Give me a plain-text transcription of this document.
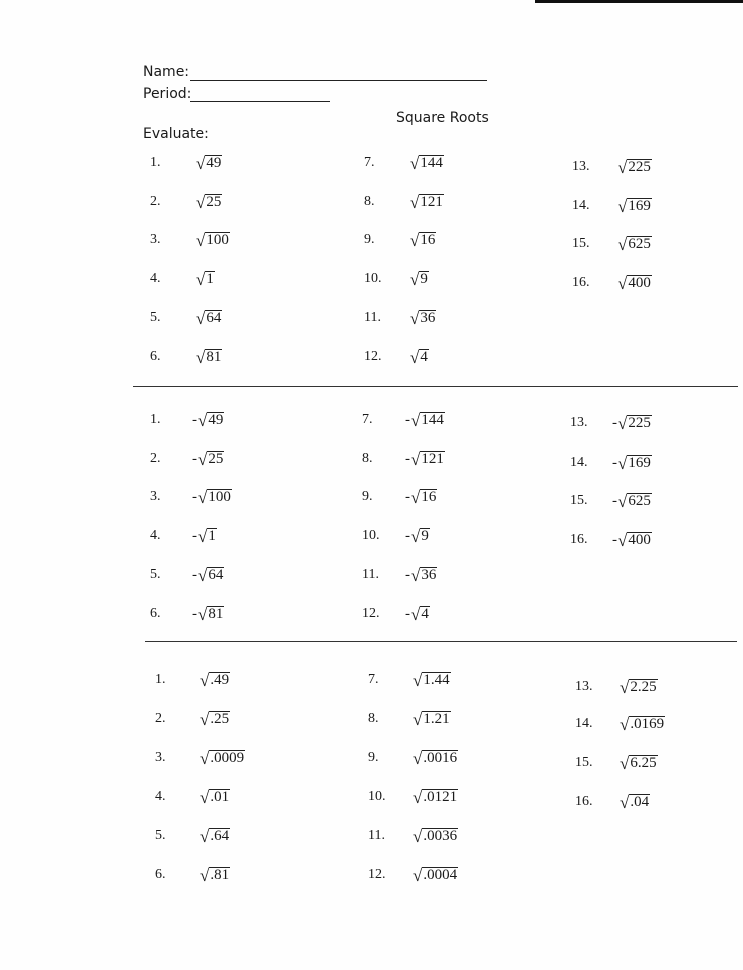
Name:
Period:
Square Roots
Evaluate:
1. √ 49
2. √ 25
3. √ 100
4. √ 1
5. √ 64
6. √ 81
7. √ 144
8. √ 121
9. √ 16
10. √ 9
11. √ 36
12. √ 4
13. √ 225
14. √ 169
15. √ 625
16. √ 400
1. - √ 49
2. - √ 25
3. - √ 100
4. - √ 1
5. - √ 64
6. - √ 81
7. - √ 144
8. - √ 121
9. - √ 16
10. - √ 9
11. - √ 36
12. - √ 4
13. - √ 225
14. - √ 169
15. - √ 625
16. - √ 400
1. √ .49
2. √ .25
3. √ .0009
4. √ .01
5. √ .64
6. √ .81
7. √ 1.44
8. √ 1.21
9. √ .0016
10. √ .0121
11. √ .0036
12. √ .0004
13. √ 2.25
14. √ .0169
15. √ 6.25
16. √ .04
